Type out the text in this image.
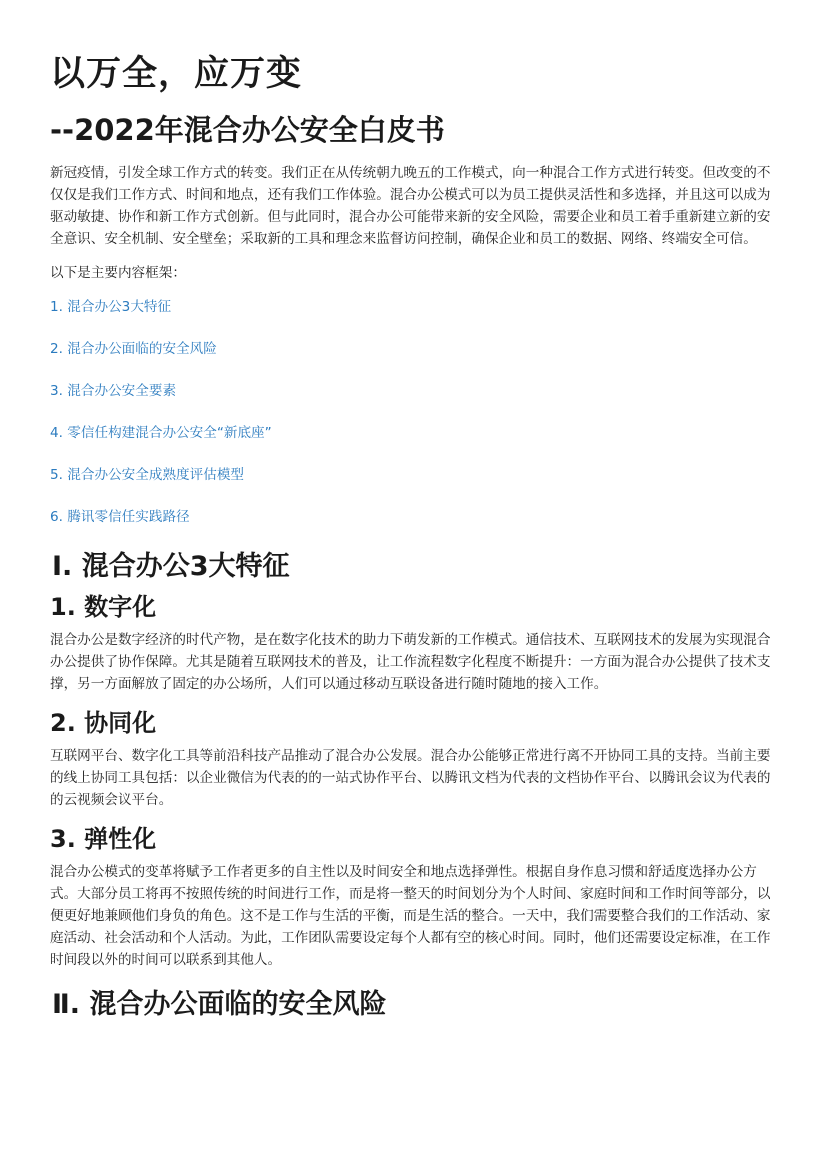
以万全，应万变
--2022年混合办公安全白皮书

新冠疫情，引发全球工作方式的转变。我们正在从传统朝九晚五的工作模式，向一种混合工作方式进行转变。但改变的不仅仅是我们工作方式、时间和地点，还有我们工作体验。混合办公模式可以为员工提供灵活性和多选择，并且这可以成为驱动敏捷、协作和新工作方式创新。但与此同时，混合办公可能带来新的安全风险，需要企业和员工着手重新建立新的安全意识、安全机制、安全壁垒；采取新的工具和理念来监督访问控制，确保企业和员工的数据、网络、终端安全可信。

以下是主要内容框架：

1. 混合办公3大特征
2. 混合办公面临的安全风险
3. 混合办公安全要素
4. 零信任构建混合办公安全“新底座”
5. 混合办公安全成熟度评估模型
6. 腾讯零信任实践路径
Ⅰ. 混合办公3大特征
1. 数字化

混合办公是数字经济的时代产物，是在数字化技术的助力下萌发新的工作模式。通信技术、互联网技术的发展为实现混合办公提供了协作保障。尤其是随着互联网技术的普及，让工作流程数字化程度不断提升：一方面为混合办公提供了技术支撑，另一方面解放了固定的办公场所，人们可以通过移动互联设备进行随时随地的接入工作。

2. 协同化

互联网平台、数字化工具等前沿科技产品推动了混合办公发展。混合办公能够正常进行离不开协同工具的支持。当前主要的线上协同工具包括：以企业微信为代表的的一站式协作平台、以腾讯文档为代表的文档协作平台、以腾讯会议为代表的的云视频会议平台。

3. 弹性化

混合办公模式的变革将赋予工作者更多的自主性以及时间安全和地点选择弹性。根据自身作息习惯和舒适度选择办公方式。大部分员工将再不按照传统的时间进行工作，而是将一整天的时间划分为个人时间、家庭时间和工作时间等部分，以便更好地兼顾他们身负的角色。这不是工作与生活的平衡，而是生活的整合。一天中，我们需要整合我们的工作活动、家庭活动、社会活动和个人活动。为此，工作团队需要设定每个人都有空的核心时间。同时，他们还需要设定标准，在工作时间段以外的时间可以联系到其他人。

Ⅱ. 混合办公面临的安全风险
